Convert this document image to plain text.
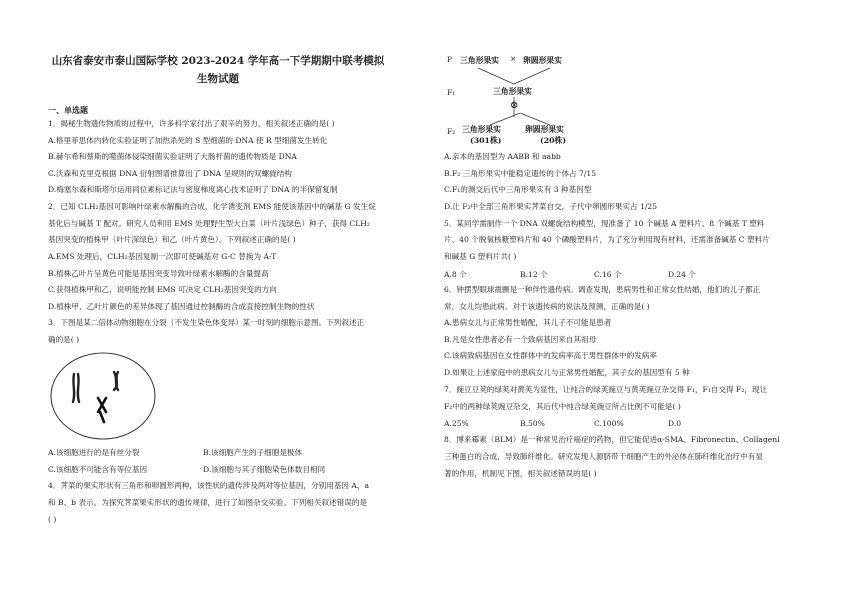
山东省泰安市泰山国际学校 2023-2024 学年高一下学期期中联考模拟
生物试题
一、单选题
1．揭秘生物遗传物质的过程中，许多科学家付出了艰辛的努力，相关叙述正确的是( )
A.格里菲思体内转化实验证明了加热杀死的 S 型细菌的 DNA 使 R 型细菌发生转化
B.赫尔希和蔡斯的噬菌体侵染细菌实验证明了大肠杆菌的遗传物质是 DNA
C.沃森和克里克根据 DNA 衍射图谱推算出了 DNA 呈规则的双螺旋结构
D.梅塞尔森和斯塔尔运用同位素标记法与密度梯度离心技术证明了 DNA 的半保留复制
2．已知 CLH₂基因可影响叶绿素水解酶的合成，化学诱变剂 EMS 能使该基因中的碱基 G 发生烷
基化后与碱基 T 配对。研究人员利用 EMS 处理野生型大白菜（叶片浅绿色）种子，获得 CLH₂
基因突变的植株甲（叶片深绿色）和乙（叶片黄色）。下列叙述正确的是( )
A.EMS 处理后，CLH₂基因复制一次即可使碱基对 G-C 替换为 A-T
B.植株乙叶片呈黄色可能是基因突变导致叶绿素水解酶的含量提高
C.获得植株甲和乙，说明能控制 EMS 可决定 CLH₂基因突变的方向
D.植株甲、乙叶片颜色的差异体现了基因通过控制酶的合成直接控制生物的性状
3．下图是某二倍体动物细胞在分裂（不发生染色体变异）某一时刻的细胞示意图。下列叙述正
确的是( )
A.该细胞进行的是有丝分裂	B.该细胞产生的子细胞是极体
C.该细胞不可能含有等位基因	D.该细胞与其子细胞染色体数目相同
4．荠菜的果实形状有三角形和卵圆形两种，该性状的遗传涉及两对等位基因，分别用基因 A、a
和 B、b 表示。为探究荠菜果实形状的遗传规律，进行了如图杂交实验。下列相关叙述错误的是
( )
P 三角形果实 × 卵圆形果实
F₁	三角形果实
⊗
F₂ 三角形果实	卵圆形果实
(301株)	(20株)
A.亲本的基因型为 AABB 和 aabb
B.F₂ 三角形果实中能稳定遗传的个体占 7/15
C.F₁的测交后代中三角形果实有 3 种基因型
D.让 F₂中全部三角形果实荠菜自交，子代中卵圆形果实占 1/25
5．某同学需制作一个 DNA 双螺旋结构模型，现准备了 10 个碱基 A 塑料片、8 个碱基 T 塑料
片、40 个脱氧核糖塑料片和 40 个磷酸塑料片，为了充分利用现有材料，还需准备碱基 C 塑料片
和碱基 G 塑料片共( )
A.8 个	B.12 个	C.16 个	D.24 个
6．钟摆型眼球震颤是一种伴性遗传病。调查发现，患病男性和正常女性结婚，他们的儿子都正
常，女儿均患此病。对于该遗传病的说法及预测，正确的是( )
A.患病女儿与正常男性婚配，其儿子不可能是患者
B.凡是女性患者必有一个致病基因来自其祖母
C.该病致病基因在女性群体中的发病率高于男性群体中的发病率
D.如果让上述家庭中的患病女儿与正常男性婚配，其子女的基因型有 5 种
7．豌豆豆荚的绿荚对黄荚为显性，让纯合的绿荚豌豆与黄荚豌豆杂交得 F₁，F₁自交得 F₂，现让
F₂中的两种绿荚豌豆杂交，其后代中纯合绿荚豌豆所占比例不可能是( )
A.25%	B.50%	C.100%	D.0
8．博来霉素（BLM）是一种常见治疗癌症的药物，但它能促进α-SMA、Fibronectin、Collagenl
三种蛋白的合成，导致肺纤维化。研究发现人源脐带干细胞产生的外泌体在肺纤维化治疗中有显
著的作用，机制见下图，相关叙述错误的是( )
